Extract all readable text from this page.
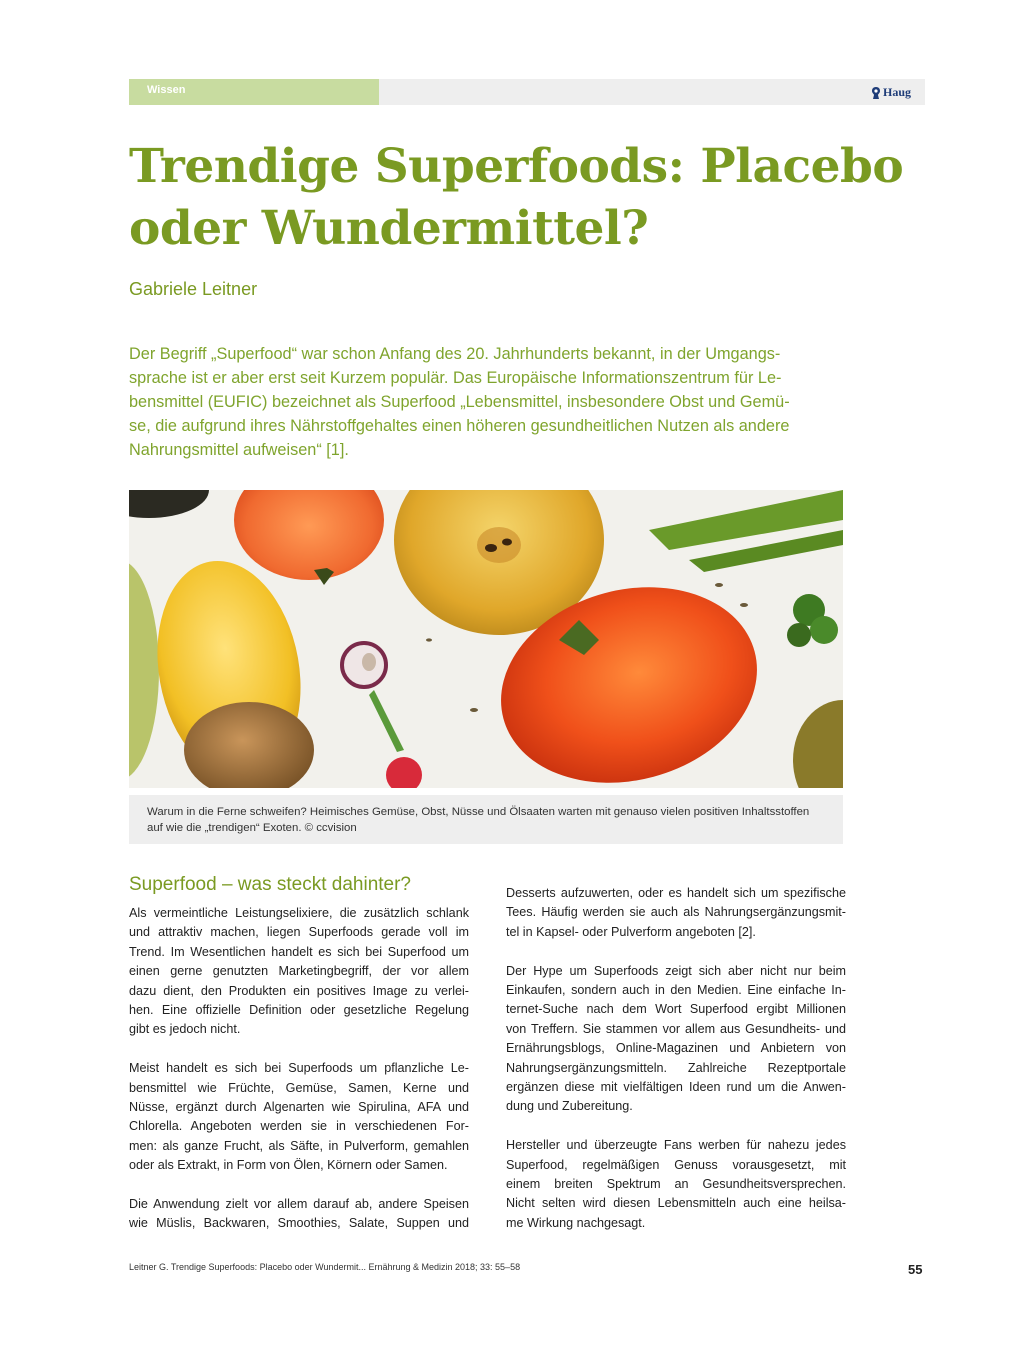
Wissen	Haug
Trendige Superfoods: Placebo
oder Wundermittel?
Gabriele Leitner
Der Begriff „Superfood“ war schon Anfang des 20. Jahrhunderts bekannt, in der Umgangs-
sprache ist er aber erst seit Kurzem populär. Das Europäische Informationszentrum für Le-
bensmittel (EUFIC) bezeichnet als Superfood „Lebensmittel, insbesondere Obst und Gemü-
se, die aufgrund ihres Nährstoffgehaltes einen höheren gesundheitlichen Nutzen als andere
Nahrungsmittel aufweisen“ [1].
Warum in die Ferne schweifen? Heimisches Gemüse, Obst, Nüsse und Ölsaaten warten mit genauso vielen positiven Inhaltsstoffen
auf wie die „trendigen“ Exoten. © ccvision
Superfood – was steckt dahinter?

Als vermeintliche Leistungselixiere, die zusätzlich schlank
und attraktiv machen, liegen Superfoods gerade voll im
Trend. Im Wesentlichen handelt es sich bei Superfood um
einen gerne genutzten Marketingbegriff, der vor allem
dazu dient, den Produkten ein positives Image zu verlei-
hen. Eine offizielle Definition oder gesetzliche Regelung
gibt es jedoch nicht.

Meist handelt es sich bei Superfoods um pflanzliche Le-
bensmittel wie Früchte, Gemüse, Samen, Kerne und
Nüsse, ergänzt durch Algenarten wie Spirulina, AFA und
Chlorella. Angeboten werden sie in verschiedenen For-
men: als ganze Frucht, als Säfte, in Pulverform, gemahlen
oder als Extrakt, in Form von Ölen, Körnern oder Samen.

Die Anwendung zielt vor allem darauf ab, andere Speisen
wie Müslis, Backwaren, Smoothies, Salate, Suppen und

Desserts aufzuwerten, oder es handelt sich um spezifische
Tees. Häufig werden sie auch als Nahrungsergänzungsmit-
tel in Kapsel- oder Pulverform angeboten [2].

Der Hype um Superfoods zeigt sich aber nicht nur beim
Einkaufen, sondern auch in den Medien. Eine einfache In-
ternet-Suche nach dem Wort Superfood ergibt Millionen
von Treffern. Sie stammen vor allem aus Gesundheits- und
Ernährungsblogs, Online-Magazinen und Anbietern von
Nahrungsergänzungsmitteln. Zahlreiche Rezeptportale
ergänzen diese mit vielfältigen Ideen rund um die Anwen-
dung und Zubereitung.

Hersteller und überzeugte Fans werben für nahezu jedes
Superfood, regelmäßigen Genuss vorausgesetzt, mit
einem breiten Spektrum an Gesundheitsversprechen.
Nicht selten wird diesen Lebensmitteln auch eine heilsa-
me Wirkung nachgesagt.

Leitner G. Trendige Superfoods: Placebo oder Wundermit... Ernährung & Medizin 2018; 33: 55–58	55
